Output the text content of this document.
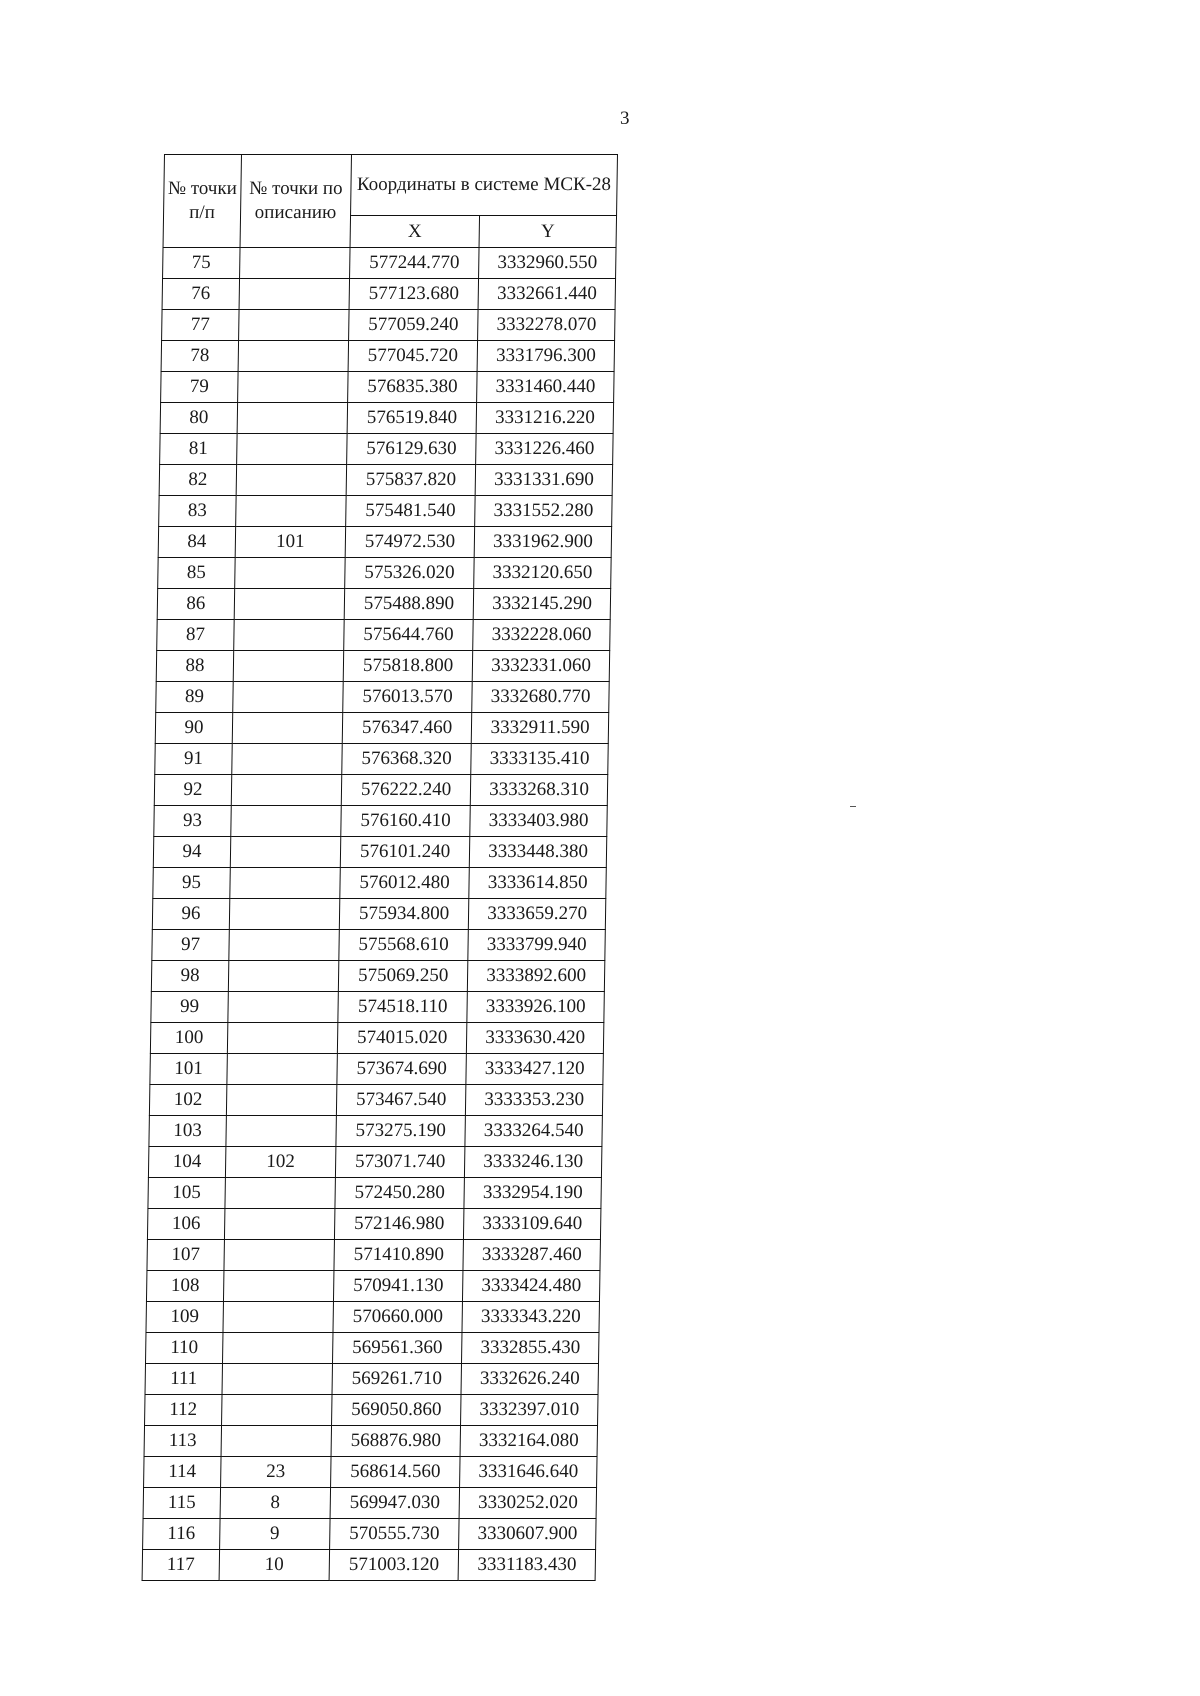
3
№ точки п/п	№ точки по описанию	Координаты в системе МСК-28	
		X	Y
75		577244.770	3332960.550
76		577123.680	3332661.440
77		577059.240	3332278.070
78		577045.720	3331796.300
79		576835.380	3331460.440
80		576519.840	3331216.220
81		576129.630	3331226.460
82		575837.820	3331331.690
83		575481.540	3331552.280
84	101	574972.530	3331962.900
85		575326.020	3332120.650
86		575488.890	3332145.290
87		575644.760	3332228.060
88		575818.800	3332331.060
89		576013.570	3332680.770
90		576347.460	3332911.590
91		576368.320	3333135.410
92		576222.240	3333268.310
93		576160.410	3333403.980
94		576101.240	3333448.380
95		576012.480	3333614.850
96		575934.800	3333659.270
97		575568.610	3333799.940
98		575069.250	3333892.600
99		574518.110	3333926.100
100		574015.020	3333630.420
101		573674.690	3333427.120
102		573467.540	3333353.230
103		573275.190	3333264.540
104	102	573071.740	3333246.130
105		572450.280	3332954.190
106		572146.980	3333109.640
107		571410.890	3333287.460
108		570941.130	3333424.480
109		570660.000	3333343.220
110		569561.360	3332855.430
111		569261.710	3332626.240
112		569050.860	3332397.010
113		568876.980	3332164.080
114	23	568614.560	3331646.640
115	8	569947.030	3330252.020
116	9	570555.730	3330607.900
117	10	571003.120	3331183.430
